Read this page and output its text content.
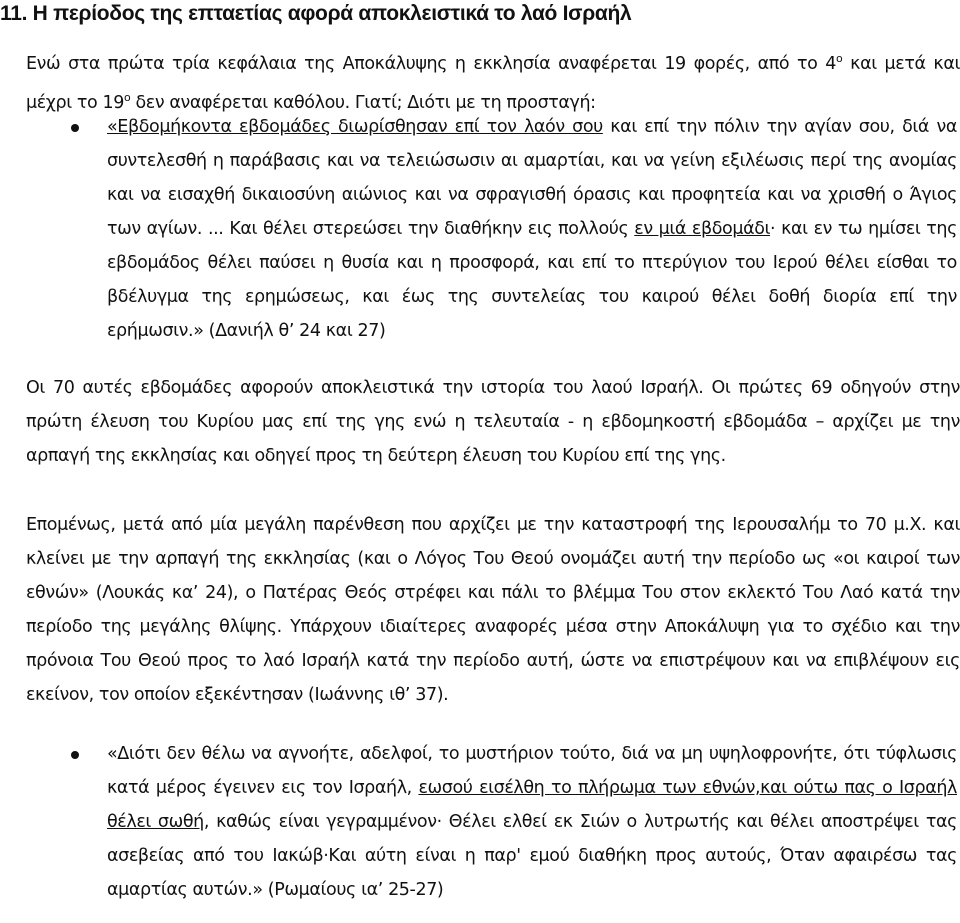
11. Η περίοδος της επταετίας αφορά αποκλειστικά το λαό Ισραήλ

Ενώ στα πρώτα τρία κεφάλαια της Αποκάλυψης η εκκλησία αναφέρεται 19 φορές, από το $4^o$ και μετά και μέχρι το $19^o$ δεν αναφέρεται καθόλου. Γιατί; Διότι με τη προσταγή:

«Εβδομήκοντα εβδομάδες διωρίσθησαν επί τον λαόν σου και επί την πόλιν την αγίαν σου, διά να συντελεσθή η παράβασις και να τελειώσωσιν αι αμαρτίαι, και να γείνη εξιλέωσις περί της ανομίας και να εισαχθή δικαιοσύνη αιώνιος και να σφραγισθή όρασις και προφητεία και να χρισθή ο Άγιος των αγίων. ... Και θέλει στερεώσει την διαθήκην εις πολλούς εν μιά εβδομάδι· και εν τω ημίσει της εβδομάδος θέλει παύσει η θυσία και η προσφορά, και επί το πτερύγιον του Ιερού θέλει είσθαι το βδέλυγμα της ερημώσεως, και έως της συντελείας του καιρού θέλει δοθή διορία επί την ερήμωσιν.» (Δανιήλ θ’ 24 και 27)

Οι 70 αυτές εβδομάδες αφορούν αποκλειστικά την ιστορία του λαού Ισραήλ. Οι πρώτες 69 οδηγούν στην πρώτη έλευση του Κυρίου μας επί της γης ενώ η τελευταία - η εβδομηκοστή εβδομάδα – αρχίζει με την αρπαγή της εκκλησίας και οδηγεί προς τη δεύτερη έλευση του Κυρίου επί της γης.

Επομένως, μετά από μία μεγάλη παρένθεση που αρχίζει με την καταστροφή της Ιερουσαλήμ το 70 μ.Χ. και κλείνει με την αρπαγή της εκκλησίας (και ο Λόγος Του Θεού ονομάζει αυτή την περίοδο ως «οι καιροί των εθνών» (Λουκάς κα’ 24), ο Πατέρας Θεός στρέφει και πάλι το βλέμμα Του στον εκλεκτό Του Λαό κατά την περίοδο της μεγάλης θλίψης. Υπάρχουν ιδιαίτερες αναφορές μέσα στην Αποκάλυψη για το σχέδιο και την πρόνοια Του Θεού προς το λαό Ισραήλ κατά την περίοδο αυτή, ώστε να επιστρέψουν και να επιβλέψουν εις εκείνον, τον οποίον εξεκέντησαν (Ιωάννης ιθ’ 37).

«Διότι δεν θέλω να αγνοήτε, αδελφοί, το μυστήριον τούτο, διά να μη υψηλοφρονήτε, ότι τύφλωσις κατά μέρος έγεινεν εις τον Ισραήλ, εωσού εισέλθη το πλήρωμα των εθνών,και ούτω πας ο Ισραήλ θέλει σωθή, καθώς είναι γεγραμμένον· Θέλει ελθεί εκ Σιών ο λυτρωτής και θέλει αποστρέψει τας ασεβείας από του Ιακώβ·Και αύτη είναι η παρ' εμού διαθήκη προς αυτούς, Όταν αφαιρέσω τας αμαρτίας αυτών.» (Ρωμαίους ια’ 25-27)
